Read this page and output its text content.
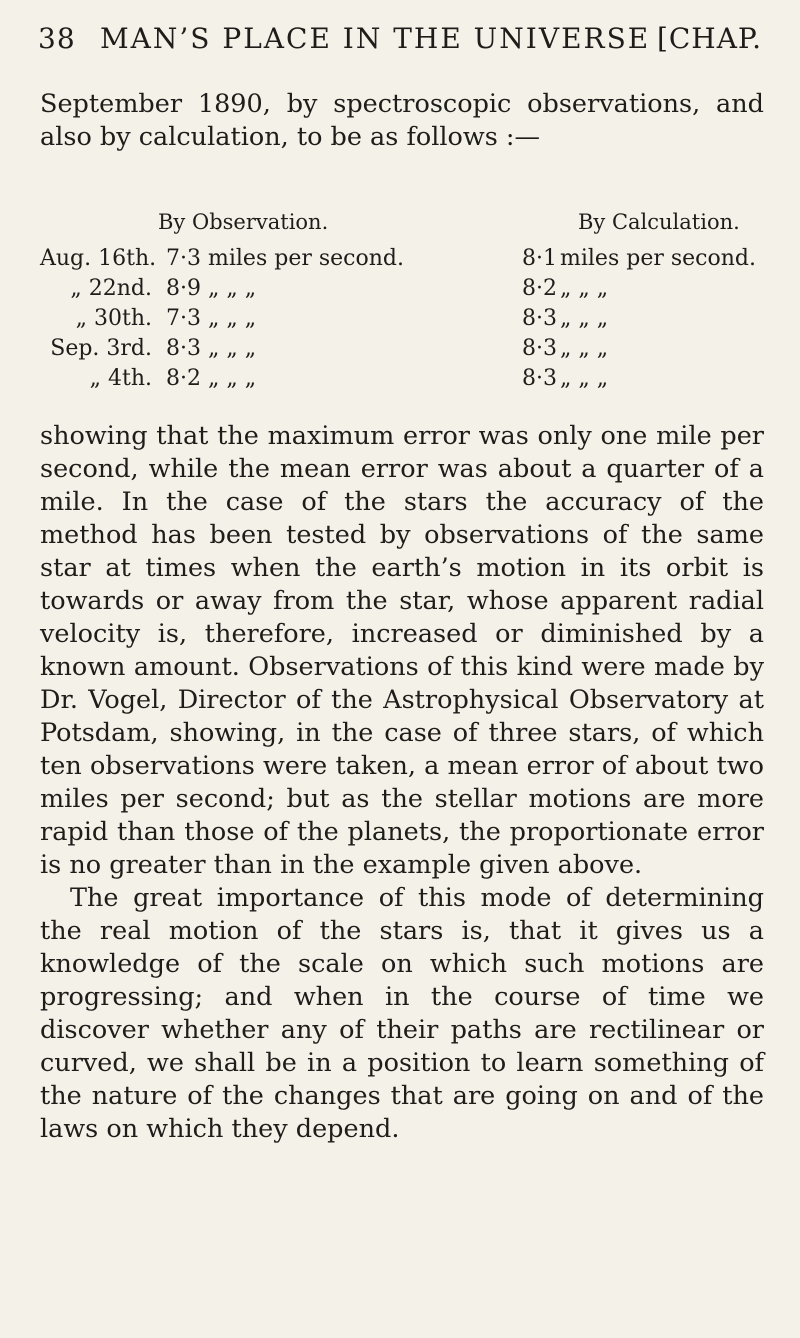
38 MAN’S PLACE IN THE UNIVERSE [CHAP.
September 1890, by spectroscopic observations, and also by calculation, to be as follows :—
By Observation.	By Calculation.
Aug. 16th. 7·3 miles per second.	8·1 miles per second.
„ 22nd. 8·9 „ „ „	8·2 „ „ „
„ 30th. 7·3 „ „ „	8·3 „ „ „
Sep. 3rd. 8·3 „ „ „	8·3 „ „ „
„ 4th. 8·2 „ „ „	8·3 „ „ „

showing that the maximum error was only one mile per second, while the mean error was about a quarter of a mile. In the case of the stars the accuracy of the method has been tested by observations of the same star at times when the earth’s motion in its orbit is towards or away from the star, whose apparent radial velocity is, therefore, increased or diminished by a known amount. Observations of this kind were made by Dr. Vogel, Director of the Astrophysical Observatory at Potsdam, showing, in the case of three stars, of which ten observations were taken, a mean error of about two miles per second; but as the stellar motions are more rapid than those of the planets, the proportionate error is no greater than in the example given above.

The great importance of this mode of determining the real motion of the stars is, that it gives us a knowledge of the scale on which such motions are progressing; and when in the course of time we discover whether any of their paths are rectilinear or curved, we shall be in a position to learn something of the nature of the changes that are going on and of the laws on which they depend.
